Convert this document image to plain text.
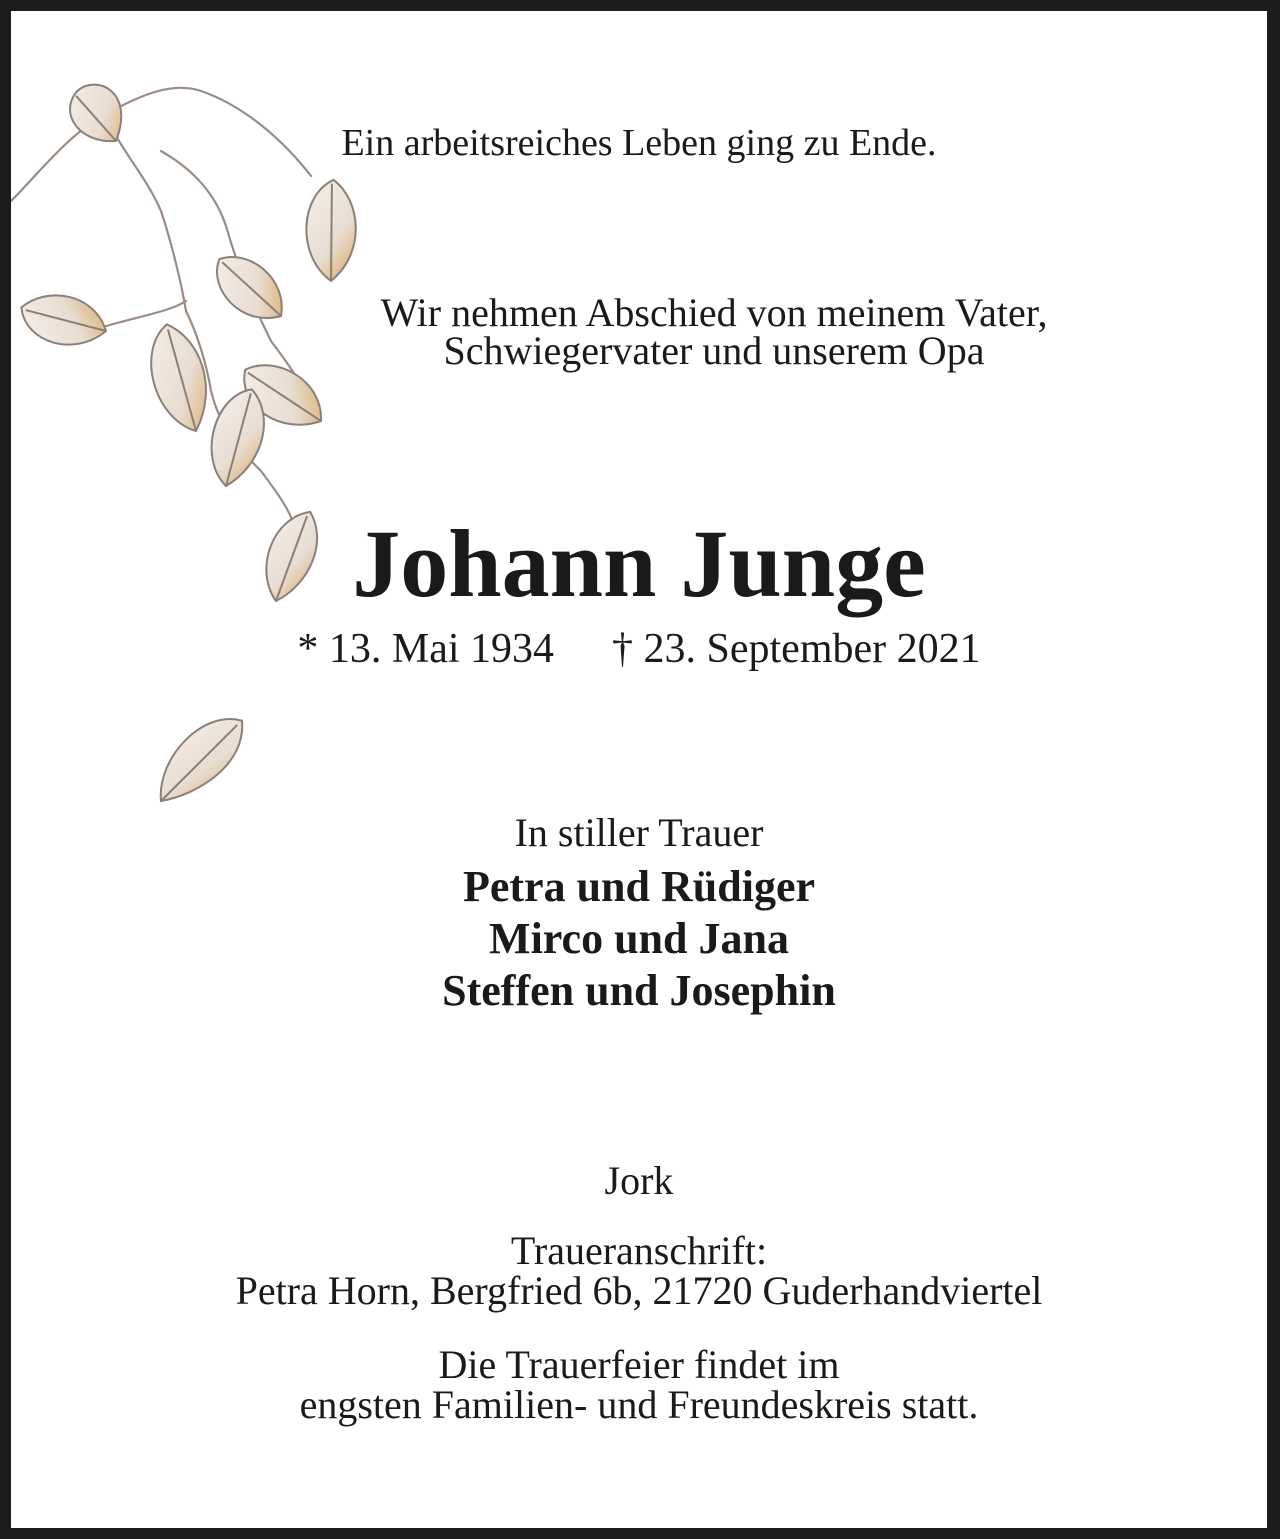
Ein arbeitsreiches Leben ging zu Ende.

Wir nehmen Abschied von meinem Vater,
Schwiegervater und unserem Opa

Johann Junge

* 13. Mai 1934 † 23. September 2021

In stiller Trauer

Petra und Rüdiger
Mirco und Jana
Steffen und Josephin

Jork

Traueranschrift:
Petra Horn, Bergfried 6b, 21720 Guderhandviertel

Die Trauerfeier findet im
engsten Familien- und Freundeskreis statt.
